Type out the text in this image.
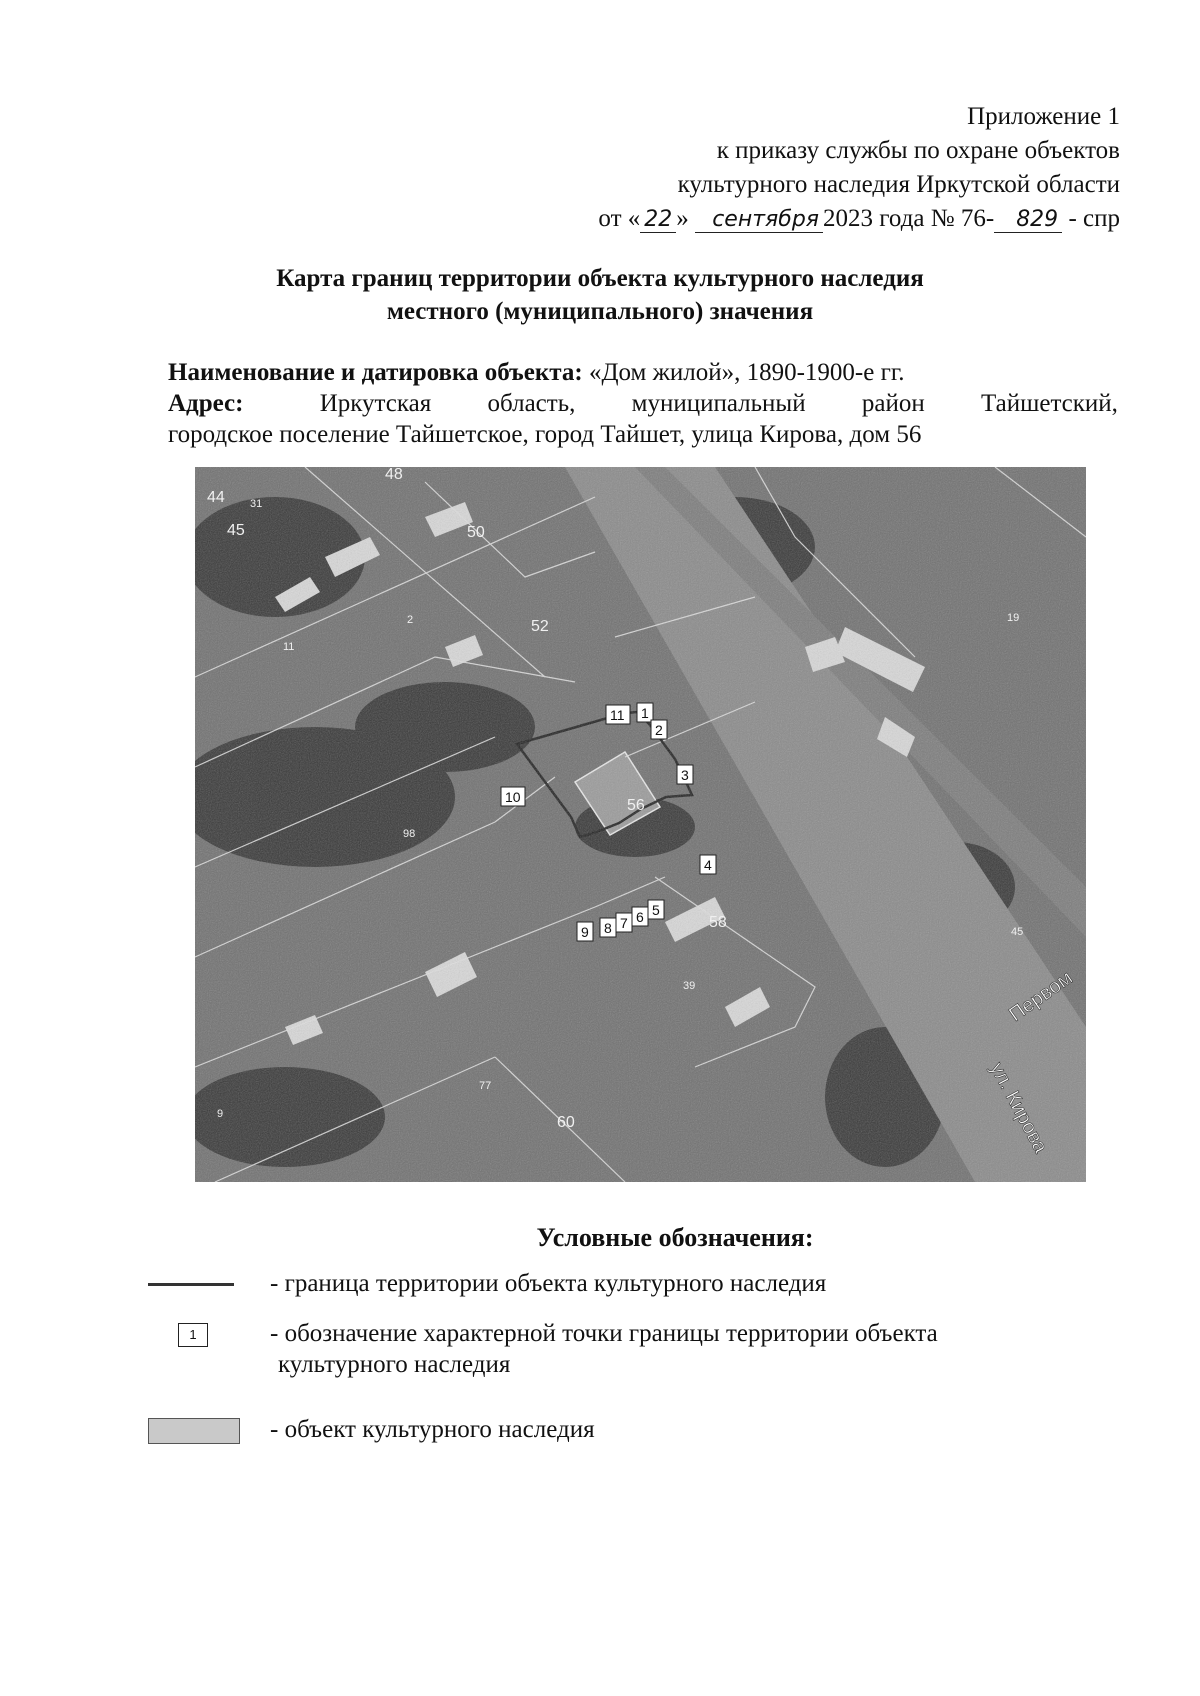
Приложение 1
к приказу службы по охране объектов
культурного наследия Иркутской области
от « 22 » сентября 2023 года № 76- 829 - спр
Карта границ территории объекта культурного наследия
местного (муниципального) значения
Наименование и датировка объекта: «Дом жилой», 1890-1900-е гг.
Адрес:	Иркутская область, муниципальный район Тайшетский,
городское поселение Тайшетское, город Тайшет, улица Кирова, дом 56
48
44 31
45	50
2	52
11
19
56
98
58
39
77
60
9
45
1
2
3
4
5
6
7
8
9
10
11
Первом
ул. Кирова
Условные обозначения:
- граница территории объекта культурного наследия
1	- обозначение характерной точки границы территории объекта
культурного наследия
- объект культурного наследия
